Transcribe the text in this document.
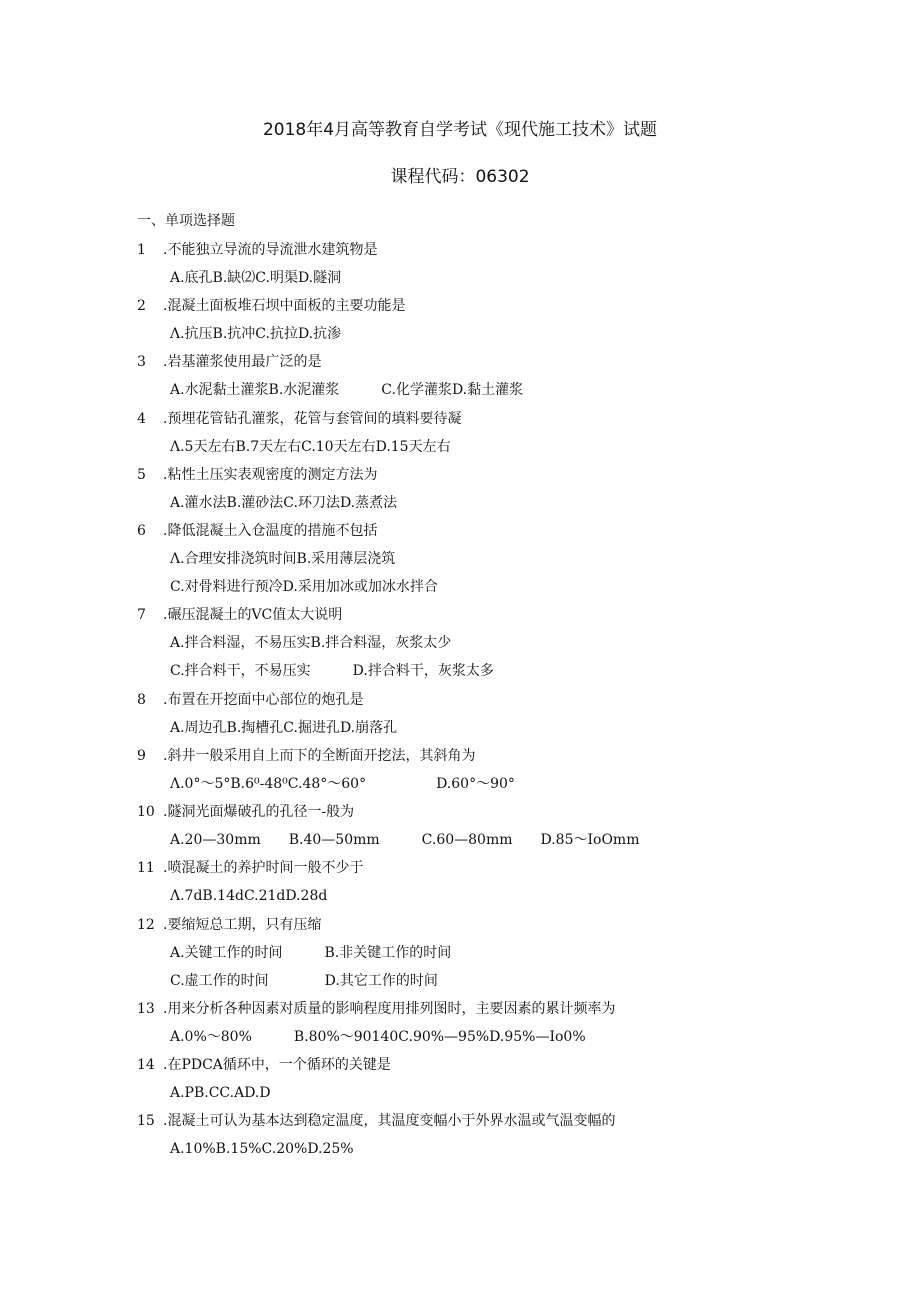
2018年4月高等教育自学考试《现代施工技术》试题
课程代码：06302
一、单项选择题
1 .不能独立导流的导流泄水建筑物是
A.底孔B.缺⑵C.明渠D.隧洞
2 .混凝土面板堆石坝中面板的主要功能是
Λ.抗压B.抗冲C.抗拉D.抗渗
3 .岩基灌浆使用最广泛的是
A.水泥黏土灌浆B.水泥灌浆　　　C.化学灌浆D.黏土灌浆
4 .预埋花管钻孔灌浆，花管与套管间的填料要待凝
Λ.5天左右B.7天左右C.10天左右D.15天左右
5 .粘性土压实表观密度的测定方法为
A.灌水法B.灌砂法C.环刀法D.蒸煮法
6 .降低混凝土入仓温度的措施不包括
Λ.合理安排浇筑时间B.采用薄层浇筑
C.对骨料进行预冷D.采用加冰或加冰水拌合
7 .碾压混凝土的VC值太大说明
A.拌合料湿，不易压实B.拌合料湿，灰浆太少
C.拌合料干，不易压实　　　D.拌合料干，灰浆太多
8 .布置在开挖面中心部位的炮孔是
A.周边孔B.掏槽孔C.掘进孔D.崩落孔
9 .斜井一般采用自上而下的全断面开挖法，其斜角为
Λ.0°～5°B.6⁰-48⁰C.48°～60°　　　　　D.60°～90°
10 .隧洞光面爆破孔的孔径一-般为
A.20—30mm　　B.40—50mm　　　C.60—80mm　　D.85～IoOmm
11 .喷混凝土的养护时间一般不少于
Λ.7dB.14dC.21dD.28d
12 .要缩短总工期，只有压缩
A.关键工作的时间　　　B.非关键工作的时间
C.虚工作的时间　　　　D.其它工作的时间
13 .用来分析各种因素对质量的影响程度用排列图时，主要因素的累计频率为
A.0%～80%　　　B.80%～90140C.90%—95%D.95%—Io0%
14 .在PDCA循环中，一个循环的关键是
A.PB.CC.AD.D
15 .混凝土可认为基本达到稳定温度，其温度变幅小于外界水温或气温变幅的
A.10%B.15%C.20%D.25%
